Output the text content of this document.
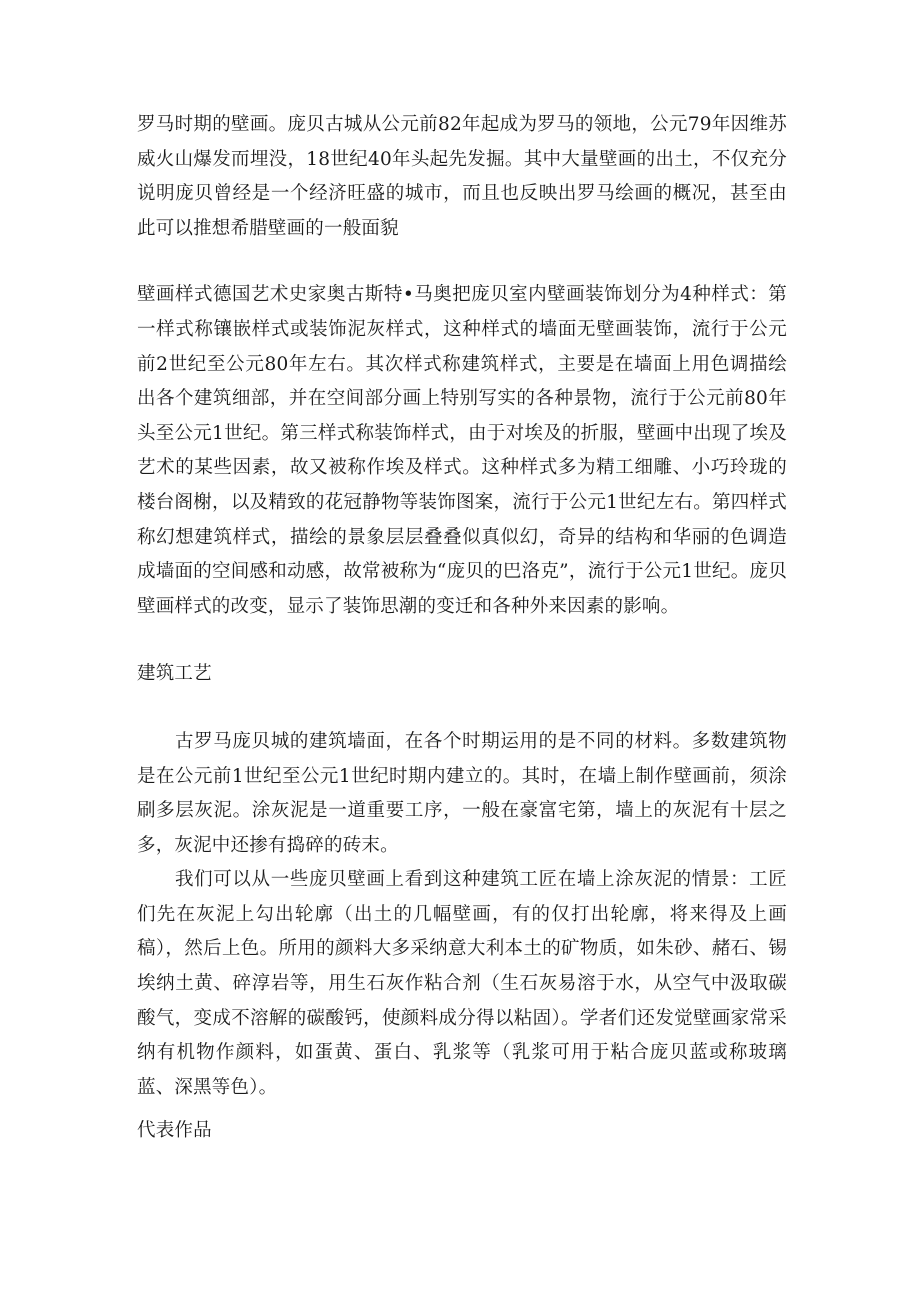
罗马时期的壁画。庞贝古城从公元前82年起成为罗马的领地，公元79年因维苏威火山爆发而埋没，18世纪40年头起先发掘。其中大量壁画的出土，不仅充分说明庞贝曾经是一个经济旺盛的城市，而且也反映出罗马绘画的概况，甚至由此可以推想希腊壁画的一般面貌

壁画样式德国艺术史家奥古斯特•马奥把庞贝室内壁画装饰划分为4种样式：第一样式称镶嵌样式或装饰泥灰样式，这种样式的墙面无壁画装饰，流行于公元前2世纪至公元80年左右。其次样式称建筑样式，主要是在墙面上用色调描绘出各个建筑细部，并在空间部分画上特别写实的各种景物，流行于公元前80年头至公元1世纪。第三样式称装饰样式，由于对埃及的折服，壁画中出现了埃及艺术的某些因素，故又被称作埃及样式。这种样式多为精工细雕、小巧玲珑的楼台阁榭，以及精致的花冠静物等装饰图案，流行于公元1世纪左右。第四样式称幻想建筑样式，描绘的景象层层叠叠似真似幻，奇异的结构和华丽的色调造成墙面的空间感和动感，故常被称为“庞贝的巴洛克”，流行于公元1世纪。庞贝壁画样式的改变，显示了装饰思潮的变迁和各种外来因素的影响。

建筑工艺

古罗马庞贝城的建筑墙面，在各个时期运用的是不同的材料。多数建筑物是在公元前1世纪至公元1世纪时期内建立的。其时，在墙上制作壁画前，须涂刷多层灰泥。涂灰泥是一道重要工序，一般在豪富宅第，墙上的灰泥有十层之多，灰泥中还掺有捣碎的砖末。

我们可以从一些庞贝壁画上看到这种建筑工匠在墙上涂灰泥的情景：工匠们先在灰泥上勾出轮廓（出土的几幅壁画，有的仅打出轮廓，将来得及上画稿），然后上色。所用的颜料大多采纳意大利本土的矿物质，如朱砂、赭石、锡埃纳土黄、碎淳岩等，用生石灰作粘合剂（生石灰易溶于水，从空气中汲取碳酸气，变成不溶解的碳酸钙，使颜料成分得以粘固）。学者们还发觉壁画家常采纳有机物作颜料，如蛋黄、蛋白、乳浆等（乳浆可用于粘合庞贝蓝或称玻璃蓝、深黑等色）。

代表作品
